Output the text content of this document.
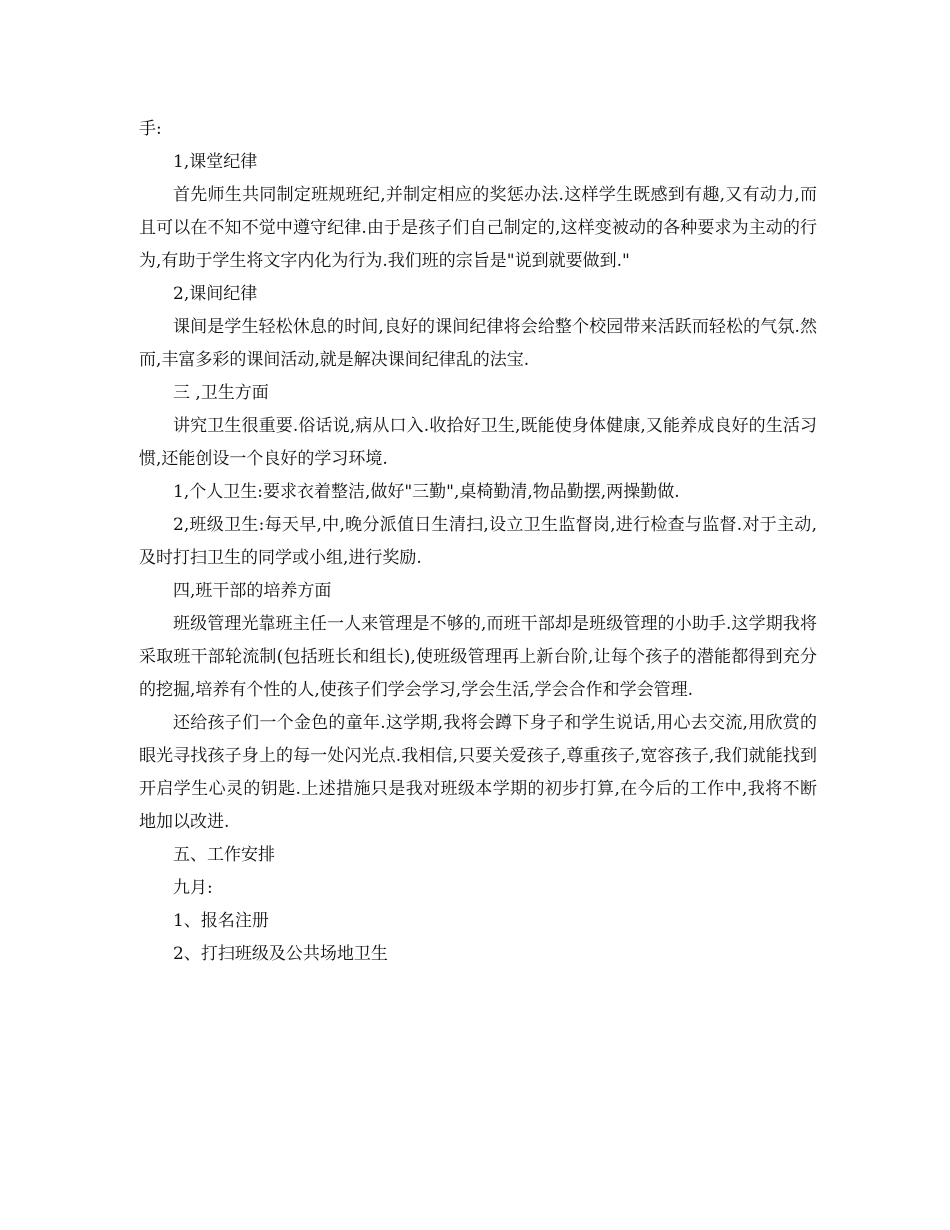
手:

1,课堂纪律

首先师生共同制定班规班纪,并制定相应的奖惩办法.这样学生既感到有趣,又有动力,而且可以在不知不觉中遵守纪律.由于是孩子们自己制定的,这样变被动的各种要求为主动的行为,有助于学生将文字内化为行为.我们班的宗旨是"说到就要做到."

2,课间纪律

课间是学生轻松休息的时间,良好的课间纪律将会给整个校园带来活跃而轻松的气氛.然而,丰富多彩的课间活动,就是解决课间纪律乱的法宝.

三 ,卫生方面

讲究卫生很重要.俗话说,病从口入.收拾好卫生,既能使身体健康,又能养成良好的生活习惯,还能创设一个良好的学习环境.

1,个人卫生:要求衣着整洁,做好"三勤",桌椅勤清,物品勤摆,两操勤做.

2,班级卫生:每天早,中,晚分派值日生清扫,设立卫生监督岗,进行检查与监督.对于主动,及时打扫卫生的同学或小组,进行奖励.

四,班干部的培养方面

班级管理光靠班主任一人来管理是不够的,而班干部却是班级管理的小助手.这学期我将采取班干部轮流制(包括班长和组长),使班级管理再上新台阶,让每个孩子的潜能都得到充分的挖掘,培养有个性的人,使孩子们学会学习,学会生活,学会合作和学会管理.

还给孩子们一个金色的童年.这学期,我将会蹲下身子和学生说话,用心去交流,用欣赏的眼光寻找孩子身上的每一处闪光点.我相信,只要关爱孩子,尊重孩子,宽容孩子,我们就能找到开启学生心灵的钥匙.上述措施只是我对班级本学期的初步打算,在今后的工作中,我将不断地加以改进.

五、工作安排

九月:

1、报名注册

2、打扫班级及公共场地卫生
